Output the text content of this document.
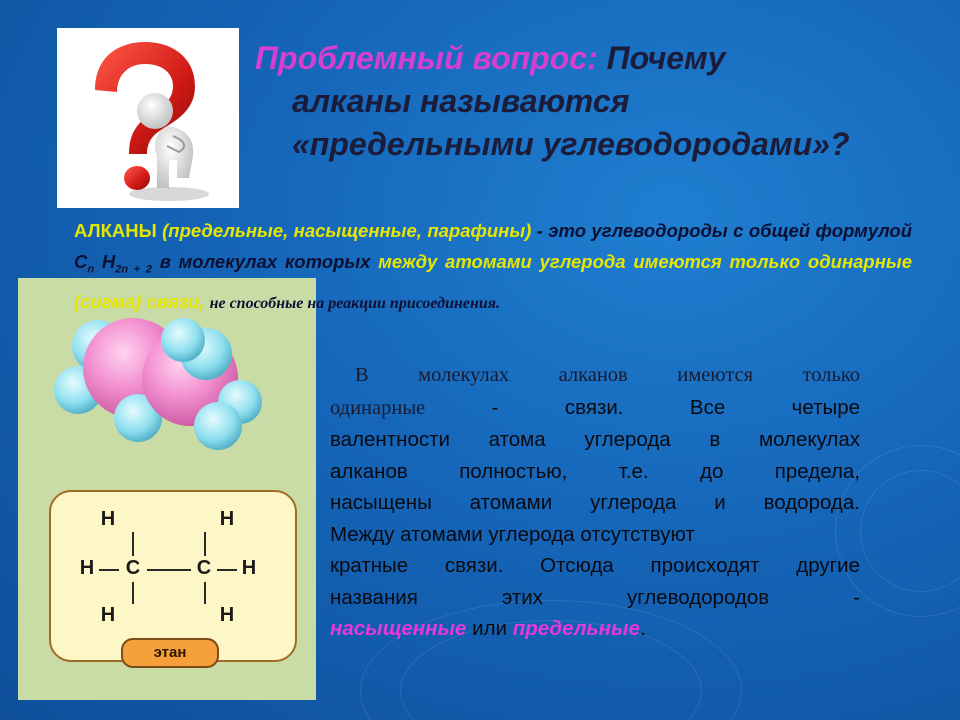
Проблемный вопрос: Почему
алканы называются
«предельными углеводородами»?
H	H
H C	C H
H	H
этан
АЛКАНЫ (предельные, насыщенные, парафины) - это углеводороды с общей формулой $С_n$ $Н_{2n + 2}$ в молекулах которых между атомами углерода имеются только одинарные (сигма) связи, не способные на реакции присоединения.
В молекулах алканов имеются только
одинарные	- связи. Все четыре
валентности атома углерода в молекулах
алканов полностью, т.е. до предела,
насыщены атомами углерода и водорода.
Между атомами углерода отсутствуют
кратные связи. Отсюда происходят другие
названия этих углеводородов -
насыщенные или предельные.
